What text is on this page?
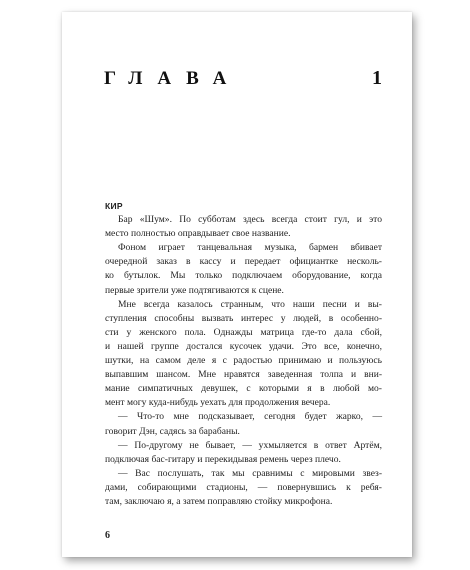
ГЛАВА	1
КИР
Бар «Шум». По субботам здесь всегда стоит гул, и это
место полностью оправдывает свое название.
Фоном играет танцевальная музыка, бармен вбивает
очередной заказ в кассу и передает официантке несколь-
ко бутылок. Мы только подключаем оборудование, когда
первые зрители уже подтягиваются к сцене.
Мне всегда казалось странным, что наши песни и вы-
ступления способны вызвать интерес у людей, в особенно-
сти у женского пола. Однажды матрица где-то дала сбой,
и нашей группе достался кусочек удачи. Это все, конечно,
шутки, на самом деле я с радостью принимаю и пользуюсь
выпавшим шансом. Мне нравятся заведенная толпа и вни-
мание симпатичных девушек, с которыми я в любой мо-
мент могу куда-нибудь уехать для продолжения вечера.
— Что-то мне подсказывает, сегодня будет жарко, —
говорит Дэн, садясь за барабаны.
— По-другому не бывает, — ухмыляется в ответ Артём,
подключая бас-гитару и перекидывая ремень через плечо.
— Вас послушать, так мы сравнимы с мировыми звез-
дами, собирающими стадионы, — повернувшись к ребя-
там, заключаю я, а затем поправляю стойку микрофона.
6
